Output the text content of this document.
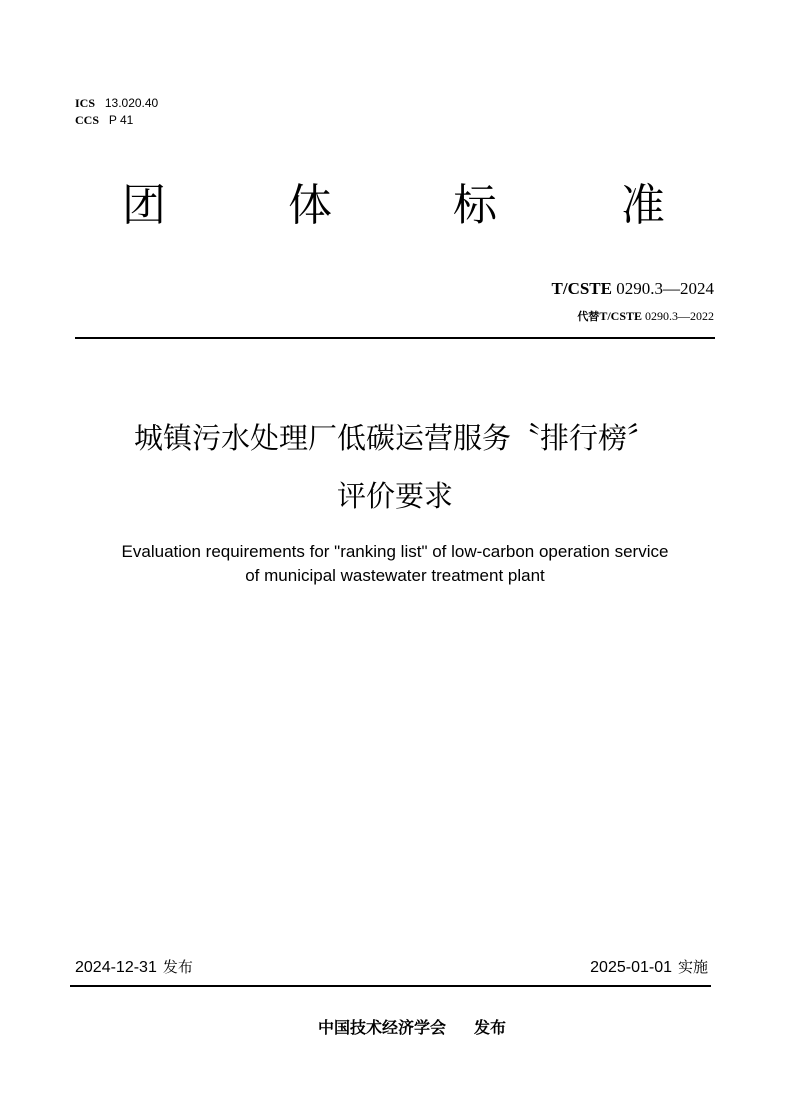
ICS 13.020.40
CCS P 41
团	体	标	准
T/CSTE 0290.3—2024
代替T/CSTE 0290.3—2022
城镇污水处理厂低碳运营服务〝排行榜〞
评价要求
Evaluation requirements for "ranking list" of low-carbon operation service
of municipal wastewater treatment plant
2024-12-31 发布	2025-01-01 实施
中国技术经济学会 发布
